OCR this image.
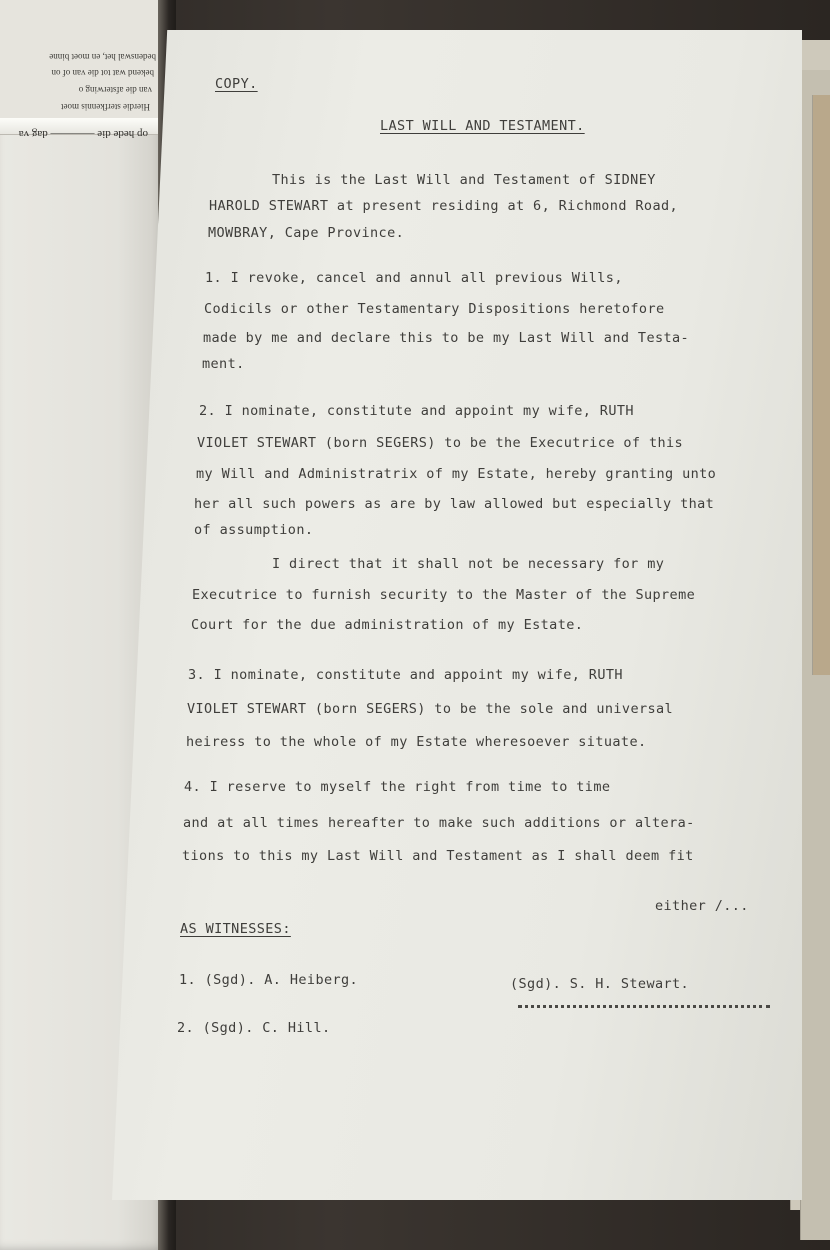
Hierdie sterfkennis moet
van die afsterwing o
bekend wat tot die van of on
bedenswal het, en moet binne
op hede die ———— dag va
COPY.
LAST WILL AND TESTAMENT.
This is the Last Will and Testament of SIDNEY
HAROLD STEWART at present residing at 6, Richmond Road,
MOWBRAY, Cape Province.
1. I revoke, cancel and annul all previous Wills,
Codicils or other Testamentary Dispositions heretofore
made by me and declare this to be my Last Will and Testa-
ment.
2. I nominate, constitute and appoint my wife, RUTH
VIOLET STEWART (born SEGERS) to be the Executrice of this
my Will and Administratrix of my Estate, hereby granting unto
her all such powers as are by law allowed but especially that
of assumption.
I direct that it shall not be necessary for my
Executrice to furnish security to the Master of the Supreme
Court for the due administration of my Estate.
3. I nominate, constitute and appoint my wife, RUTH
VIOLET STEWART (born SEGERS) to be the sole and universal
heiress to the whole of my Estate wheresoever situate.
4. I reserve to myself the right from time to time
and at all times hereafter to make such additions or altera-
tions to this my Last Will and Testament as I shall deem fit
either /...
AS WITNESSES:
1. (Sgd). A. Heiberg.	(Sgd). S. H. Stewart.
2. (Sgd). C. Hill.
